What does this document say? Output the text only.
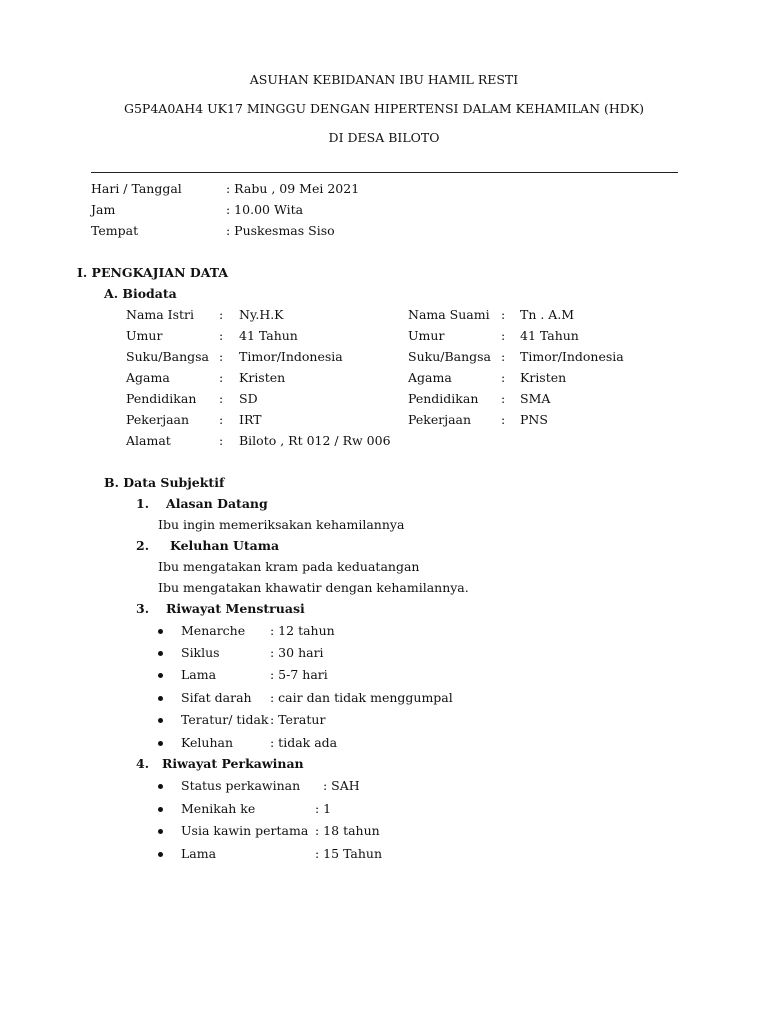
ASUHAN KEBIDANAN IBU HAMIL RESTI
G5P4A0AH4 UK17 MINGGU DENGAN HIPERTENSI DALAM KEHAMILAN (HDK)
DI DESA BILOTO
Hari / Tanggal	: Rabu , 09 Mei 2021
Jam	: 10.00 Wita
Tempat	: Puskesmas Siso
I. PENGKAJIAN DATA
A. Biodata
Nama Istri : Ny.H.K	Nama Suami : Tn . A.M
Umur	: 41 Tahun	Umur	: 41 Tahun
Suku/Bangsa : Timor/Indonesia	Suku/Bangsa : Timor/Indonesia
Agama	: Kristen	Agama	: Kristen
Pendidikan : SD	Pendidikan : SMA
Pekerjaan : IRT	Pekerjaan : PNS
Alamat	: Biloto , Rt 012 / Rw 006
B. Data Subjektif
1. Alasan Datang
Ibu ingin memeriksakan kehamilannya
2. Keluhan Utama
Ibu mengatakan kram pada keduatangan
Ibu mengatakan khawatir dengan kehamilannya.
3. Riwayat Menstruasi
Menarche : 12 tahun
Siklus	: 30 hari
Lama	: 5-7 hari
Sifat darah : cair dan tidak menggumpal
Teratur/ tidak : Teratur
Keluhan	: tidak ada
4. Riwayat Perkawinan
Status perkawinan : SAH
Menikah ke	: 1
Usia kawin pertama : 18 tahun
Lama	: 15 Tahun
